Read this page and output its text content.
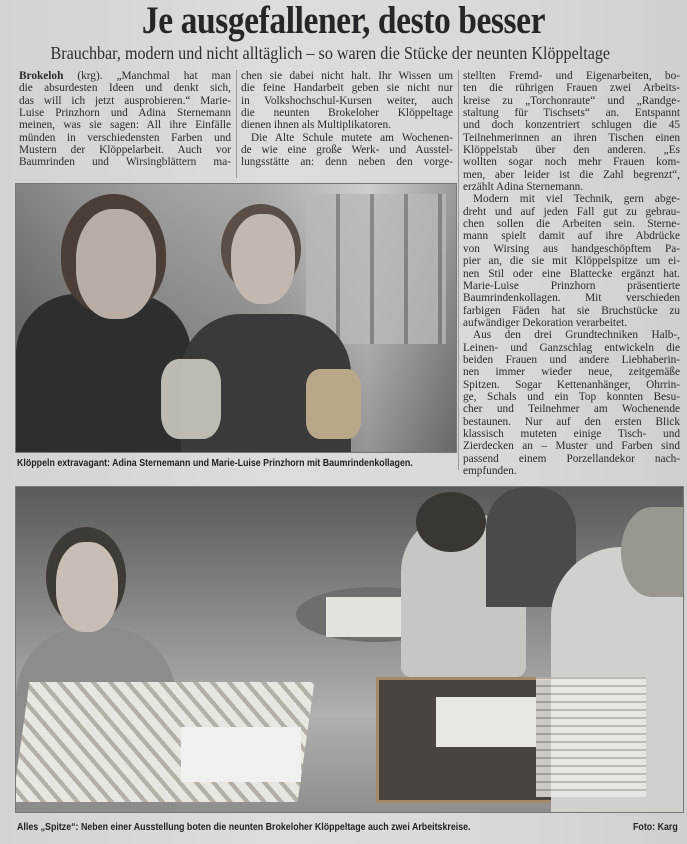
Je ausgefallener, desto besser
Brauchbar, modern und nicht alltäglich – so waren die Stücke der neunten Klöppeltage
Brokeloh (krg). „Manchmal hat man
die absurdesten Ideen und denkt sich,
das will ich jetzt ausprobieren.“ Marie-
Luise Prinzhorn und Adina Sternemann
meinen, was sie sagen: All ihre Einfälle
münden in verschiedensten Farben und
Mustern der Klöppelarbeit. Auch vor
Baumrinden und Wirsingblättern ma-
chen sie dabei nicht halt. Ihr Wissen um
die feine Handarbeit geben sie nicht nur
in Volkshochschul-Kursen weiter, auch
die neunten Brokeloher Klöppeltage
dienen ihnen als Multiplikatoren.
Die Alte Schule mutete am Wochenen-
de wie eine große Werk- und Ausstel-
lungsstätte an: denn neben den vorge-
stellten Fremd- und Eigenarbeiten, bo-
ten die rührigen Frauen zwei Arbeits-
kreise zu „Torchonraute“ und „Randge-
staltung für Tischsets“ an. Entspannt
und doch konzentriert schlugen die 45
Teilnehmerinnen an ihren Tischen einen
Klöppelstab über den anderen. „Es
wollten sogar noch mehr Frauen kom-
men, aber leider ist die Zahl begrenzt“,
erzählt Adina Sternemann.
Modern mit viel Technik, gern abge-
dreht und auf jeden Fall gut zu gebrau-
chen sollen die Arbeiten sein. Sterne-
mann spielt damit auf ihre Abdrücke
von Wirsing aus handgeschöpftem Pa-
pier an, die sie mit Klöppelspitze um ei-
nen Stil oder eine Blattecke ergänzt hat.
Marie-Luise Prinzhorn präsentierte
Baumrindenkollagen. Mit verschieden
farbigen Fäden hat sie Bruchstücke zu
aufwändiger Dekoration verarbeitet.
Aus den drei Grundtechniken Halb-,
Leinen- und Ganzschlag entwickeln die
beiden Frauen und andere Liebhaberin-
nen immer wieder neue, zeitgemäße
Spitzen. Sogar Kettenanhänger, Ohrrin-
ge, Schals und ein Top konnten Besu-
cher und Teilnehmer am Wochenende
bestaunen. Nur auf den ersten Blick
klassisch muteten einige Tisch- und
Zierdecken an – Muster und Farben sind
passend einem Porzellandekor nach-
empfunden.
Klöppeln extravagant: Adina Sternemann und Marie-Luise Prinzhorn mit Baumrindenkollagen.
Alles „Spitze“: Neben einer Ausstellung boten die neunten Brokeloher Klöppeltage auch zwei Arbeitskreise.	Foto: Karg
